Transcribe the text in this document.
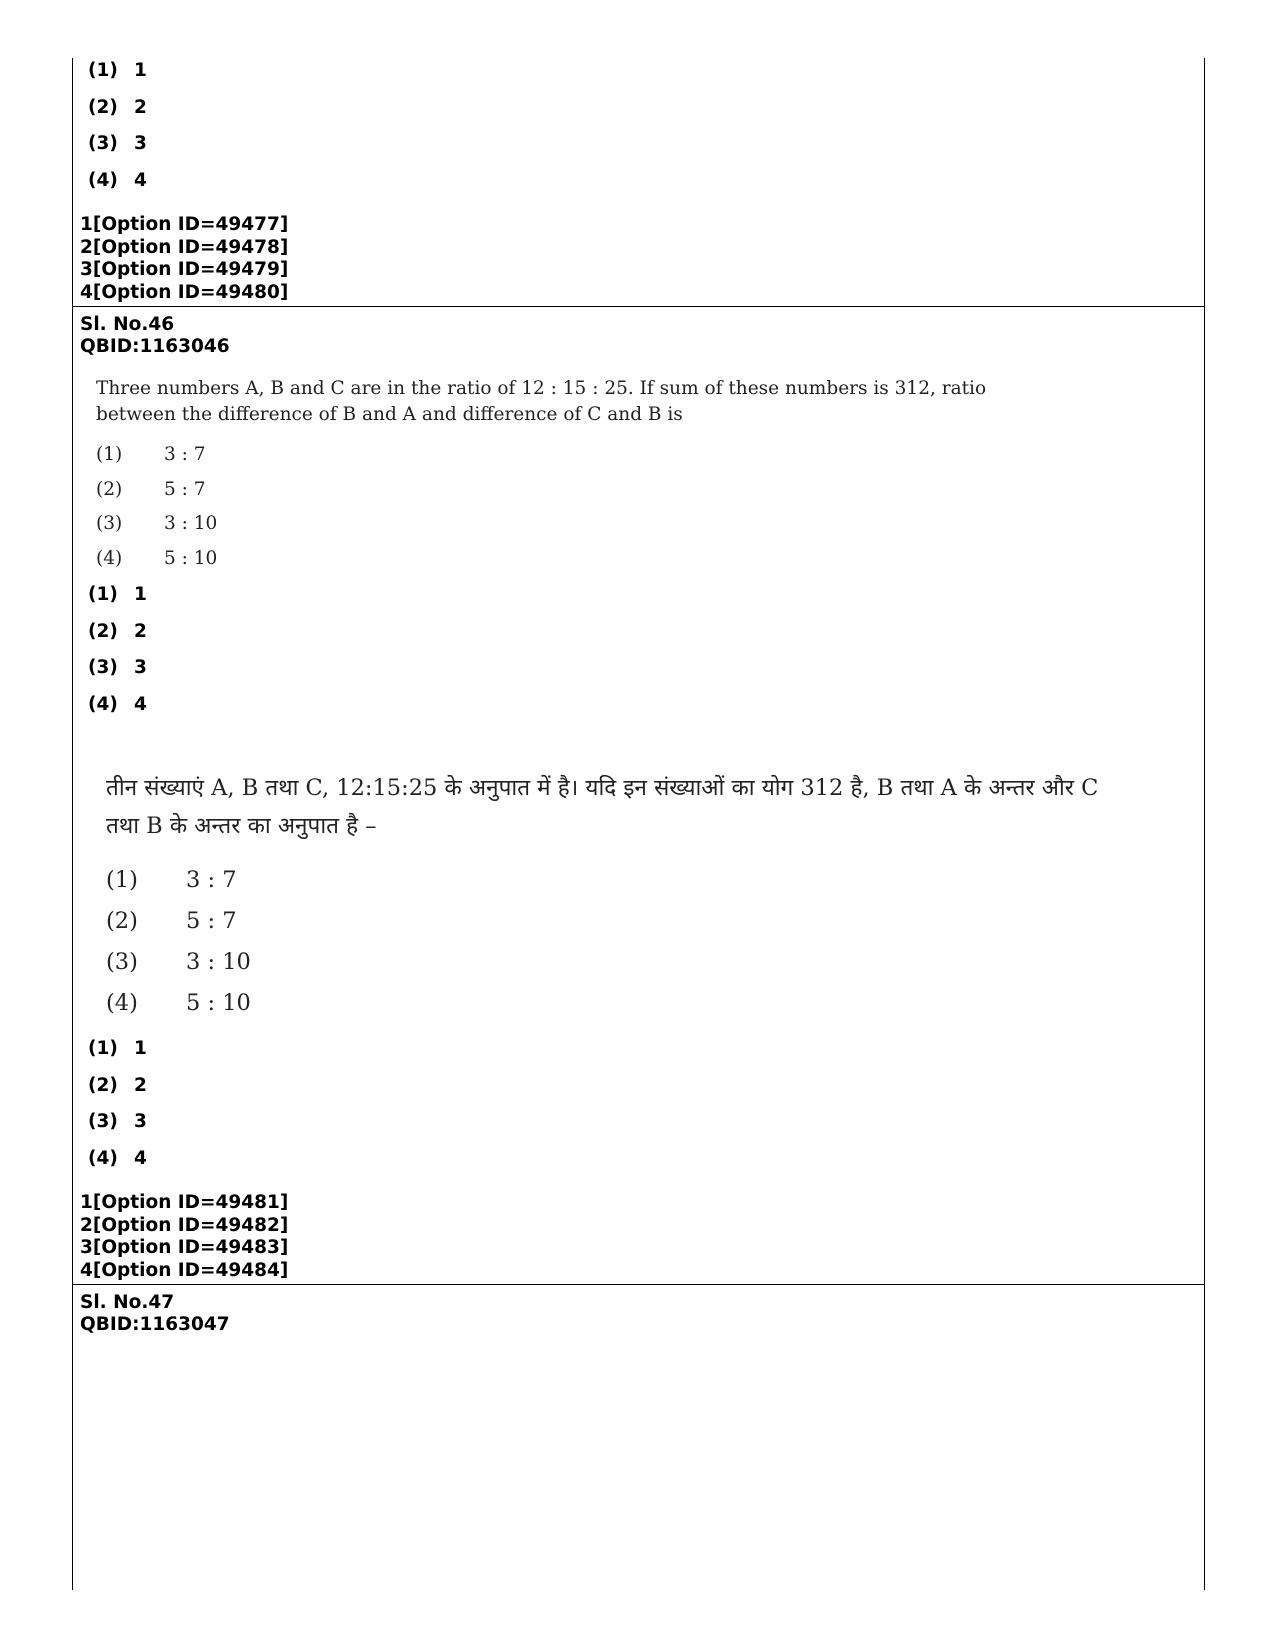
(1) 1
(2) 2
(3) 3
(4) 4
1[Option ID=49477]
2[Option ID=49478]
3[Option ID=49479]
4[Option ID=49480]
Sl. No.46
QBID:1163046
Three numbers A, B and C are in the ratio of 12 : 15 : 25. If sum of these numbers is 312, ratio
between the difference of B and A and difference of C and B is
(1) 3 : 7
(2) 5 : 7
(3) 3 : 10
(4) 5 : 10
(1) 1
(2) 2
(3) 3
(4) 4
तीन संख्याएं A, B तथा C, 12:15:25 के अनुपात में है। यदि इन संख्याओं का योग 312 है, B तथा A के अन्तर और C
तथा B के अन्तर का अनुपात है –
(1) 3 : 7
(2) 5 : 7
(3) 3 : 10
(4) 5 : 10
(1) 1
(2) 2
(3) 3
(4) 4
1[Option ID=49481]
2[Option ID=49482]
3[Option ID=49483]
4[Option ID=49484]
Sl. No.47
QBID:1163047
